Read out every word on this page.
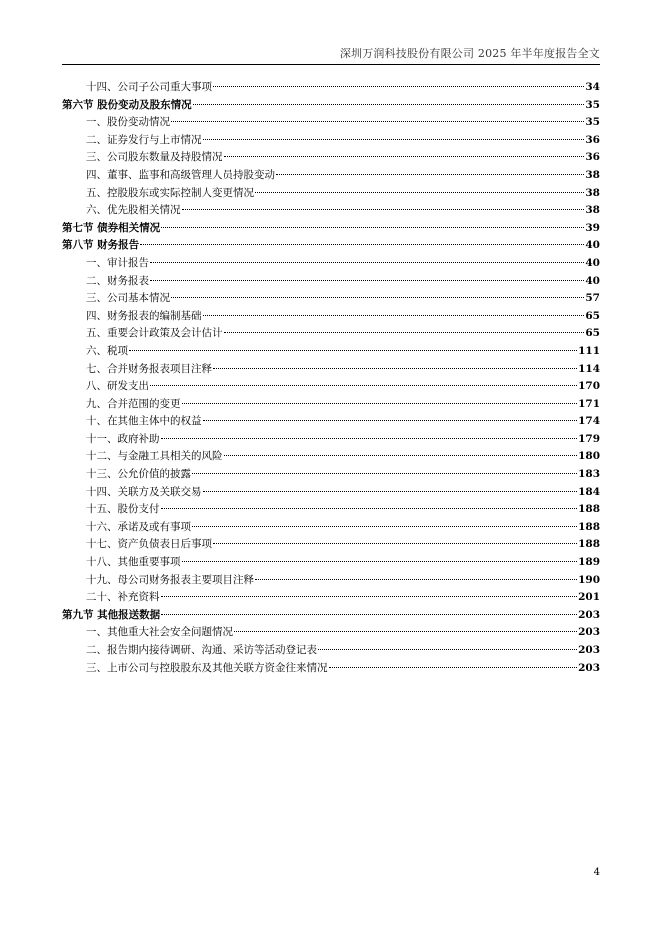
深圳万润科技股份有限公司 2025 年半年度报告全文
十四、公司子公司重大事项	34
第六节 股份变动及股东情况	35
一、股份变动情况	35
二、证券发行与上市情况	36
三、公司股东数量及持股情况	36
四、董事、监事和高级管理人员持股变动	38
五、控股股东或实际控制人变更情况	38
六、优先股相关情况	38
第七节 债券相关情况	39
第八节 财务报告	40
一、审计报告	40
二、财务报表	40
三、公司基本情况	57
四、财务报表的编制基础	65
五、重要会计政策及会计估计	65
六、税项	111
七、合并财务报表项目注释	114
八、研发支出	170
九、合并范围的变更	171
十、在其他主体中的权益	174
十一、政府补助	179
十二、与金融工具相关的风险	180
十三、公允价值的披露	183
十四、关联方及关联交易	184
十五、股份支付	188
十六、承诺及或有事项	188
十七、资产负债表日后事项	188
十八、其他重要事项	189
十九、母公司财务报表主要项目注释	190
二十、补充资料	201
第九节 其他报送数据	203
一、其他重大社会安全问题情况	203
二、报告期内接待调研、沟通、采访等活动登记表	203
三、上市公司与控股股东及其他关联方资金往来情况	203
4
